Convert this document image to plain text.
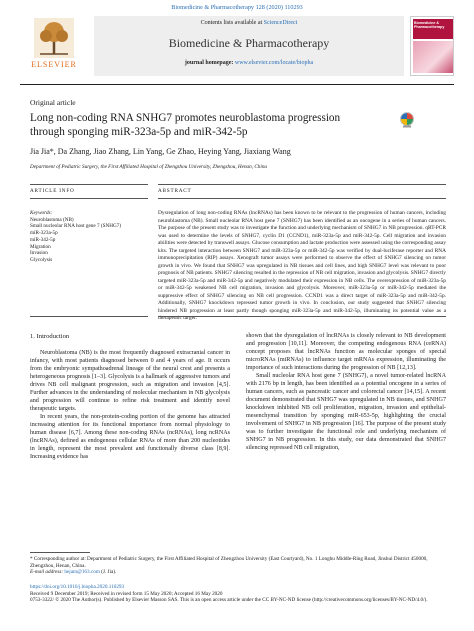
Biomedicine & Pharmacotherapy 128 (2020) 110293
ELSEVIER
Contents lists available at ScienceDirect
Biomedicine & Pharmacotherapy
journal homepage: www.elsevier.com/locate/biopha
Biomedicine & Pharmacotherapy
Original article
Long non-coding RNA SNHG7 promotes neuroblastoma progression through sponging miR-323a-5p and miR-342-5p
Jia Jia*, Da Zhang, Jiao Zhang, Lin Yang, Ge Zhao, Heying Yang, Jiaxiang Wang
Department of Pediatric Surgery, the First Affiliated Hospital of Zhengzhou University, Zhengzhou, Henan, China
ARTICLE INFO	ABSTRACT
Keywords:
Neuroblastoma (NB)
Small nucleolar RNA host gene 7 (SNHG7)
miR-323a-5p
miR-342-5p
Migration
Invasion
Glycolysis
Dysregulation of long non-coding RNAs (lncRNAs) has been known to be relevant to the progression of human cancers, including neuroblastoma (NB). Small nucleolar RNA host gene 7 (SNHG7) has been identified as an oncogene in a series of human cancers. The purpose of the present study was to investigate the function and underlying mechanism of SNHG7 in NB progression. qRT-PCR was used to determine the levels of SNHG7, cyclin D1 (CCND1), miR-323a-5p and miR-342-5p. Cell migration and invasion abilities were detected by transwell assays. Glucose consumption and lactate production were assessed using the corresponding assay kits. The targeted interaction between SNHG7 and miR-323a-5p or miR-342-5p was verified by dual-luciferase reporter and RNA immunoprecipitation (RIP) assays. Xenograft tumor assays were performed to observe the effect of SNHG7 silencing on tumor growth in vivo. We found that SNHG7 was upregulated in NB tissues and cell lines, and high SNHG7 level was relevant to poor prognosis of NB patients. SNHG7 silencing resulted in the repression of NB cell migration, invasion and glycolysis. SNHG7 directly targeted miR-323a-5p and miR-342-5p and negatively modulated their expression in NB cells. The overexpression of miR-323a-5p or miR-342-5p weakened NB cell migration, invasion and glycolysis. Moreover, miR-323a-5p or miR-342-5p mediated the suppressive effect of SNHG7 silencing on NB cell progression. CCND1 was a direct target of miR-323a-5p and miR-342-5p. Additionally, SNHG7 knockdown repressed tumor growth in vivo. In conclusion, our study suggested that SNHG7 silencing hindered NB progression at least partly though sponging miR-323a-5p and miR-342-5p, illuminating its potential value as a therapeutic target.
1. Introduction

Neuroblastoma (NB) is the most frequently diagnosed extracranial cancer in infancy, with most patients diagnosed between 0 and 4 years of age. It occurs from the embryonic sympathoadrenal lineage of the neural crest and presents a heterogeneous prognosis [1–3]. Glycolysis is a hallmark of aggressive tumors and drives NB cell malignant progression, such as migration and invasion [4,5]. Further advances in the understanding of molecular mechanism in NB glycolysis and progression will continue to refine risk treatment and identify novel therapeutic targets.

In recent years, the non-protein-coding portion of the genome has attracted increasing attention for its functional importance from normal physiology to human disease [6,7]. Among these non-coding RNAs (ncRNAs), long ncRNAs (lncRNAs), defined as endogenous cellular RNAs of more than 200 nucleotides in length, represent the most prevalent and functionally diverse class [8,9]. Increasing evidence has

shown that the dysregulation of lncRNAs is closely relevant to NB development and progression [10,11]. Moreover, the competing endogenous RNA (ceRNA) concept proposes that lncRNAs function as molecular sponges of special microRNAs (miRNAs) to influence target mRNAs expression, illuminating the importance of such interactions during the progression of NB [12,13].

Small nucleolar RNA host gene 7 (SNHG7), a novel tumor-related lncRNA with 2176 bp in length, has been identified as a potential oncogene in a series of human cancers, such as pancreatic cancer and colorectal cancer [14,15]. A recent document demonstrated that SNHG7 was upregulated in NB tissues, and SNHG7 knockdown inhibited NB cell proliferation, migration, invasion and epithelial-mesenchymal transition by sponging miR-653-5p, highlighting the crucial involvement of SNHG7 in NB progression [16]. The purpose of the present study was to further investigate the functional role and underlying mechanism of SNHG7 in NB progression. In this study, our data demonstrated that SNHG7 silencing repressed NB cell migration,

* Corresponding author at: Department of Pediatric Surgery, the First Affiliated Hospital of Zhengzhou University (East Courtyard), No. 1 Longhu Middle-Ring Road, Jinshui District 450000, Zhengzhou, Henan, China.
E-mail address: hejam@163.com (J. Jia).
https://doi.org/10.1016/j.biopha.2020.110293
Received 9 December 2019; Received in revised form 15 May 2020; Accepted 16 May 2020
0753-3322/ © 2020 The Author(s). Published by Elsevier Masson SAS. This is an open access article under the CC BY-NC-ND license (http://creativecommons.org/licenses/BY-NC-ND/4.0/).
